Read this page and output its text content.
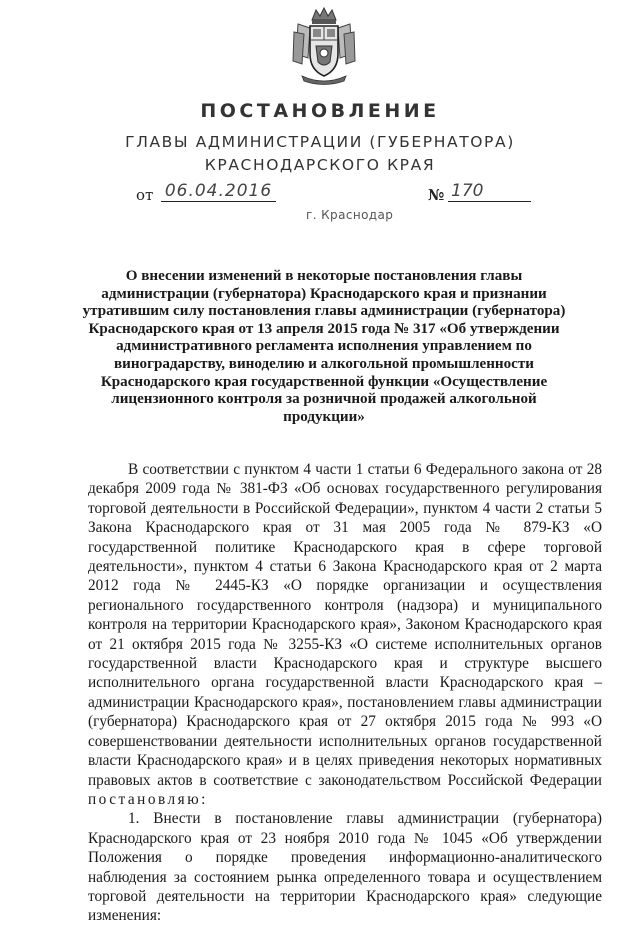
ПОСТАНОВЛЕНИЕ
ГЛАВЫ АДМИНИСТРАЦИИ (ГУБЕРНАТОРА)
КРАСНОДАРСКОГО КРАЯ
от 06.04.2016	№ 170
г. Краснодар
О внесении изменений в некоторые постановления главы администрации (губернатора) Краснодарского края и признании утратившим силу постановления главы администрации (губернатора) Краснодарского края от 13 апреля 2015 года № 317 «Об утверждении административного регламента исполнения управлением по виноградарству, виноделию и алкогольной промышленности Краснодарского края государственной функции «Осуществление лицензионного контроля за розничной продажей алкогольной продукции»

В соответствии с пунктом 4 части 1 статьи 6 Федерального закона от 28 декабря 2009 года № 381-ФЗ «Об основах государственного регулирования торговой деятельности в Российской Федерации», пунктом 4 части 2 статьи 5 Закона Краснодарского края от 31 мая 2005 года № 879-КЗ «О государственной политике Краснодарского края в сфере торговой деятельности», пунктом 4 статьи 6 Закона Краснодарского края от 2 марта 2012 года № 2445-КЗ «О порядке организации и осуществления регионального государственного контроля (надзора) и муниципального контроля на территории Краснодарского края», Законом Краснодарского края от 21 октября 2015 года № 3255-КЗ «О системе исполнительных органов государственной власти Краснодарского края и структуре высшего исполнительного органа государственной власти Краснодарского края – администрации Краснодарского края», постановлением главы администрации (губернатора) Краснодарского края от 27 октября 2015 года № 993 «О совершенствовании деятельности исполнительных органов государственной власти Краснодарского края» и в целях приведения некоторых нормативных правовых актов в соответствие с законодательством Российской Федерации постановляю:

1. Внести в постановление главы администрации (губернатора) Краснодарского края от 23 ноября 2010 года № 1045 «Об утверждении Положения о порядке проведения информационно-аналитического наблюдения за состоянием рынка определенного товара и осуществлением торговой деятельности на территории Краснодарского края» следующие изменения:
